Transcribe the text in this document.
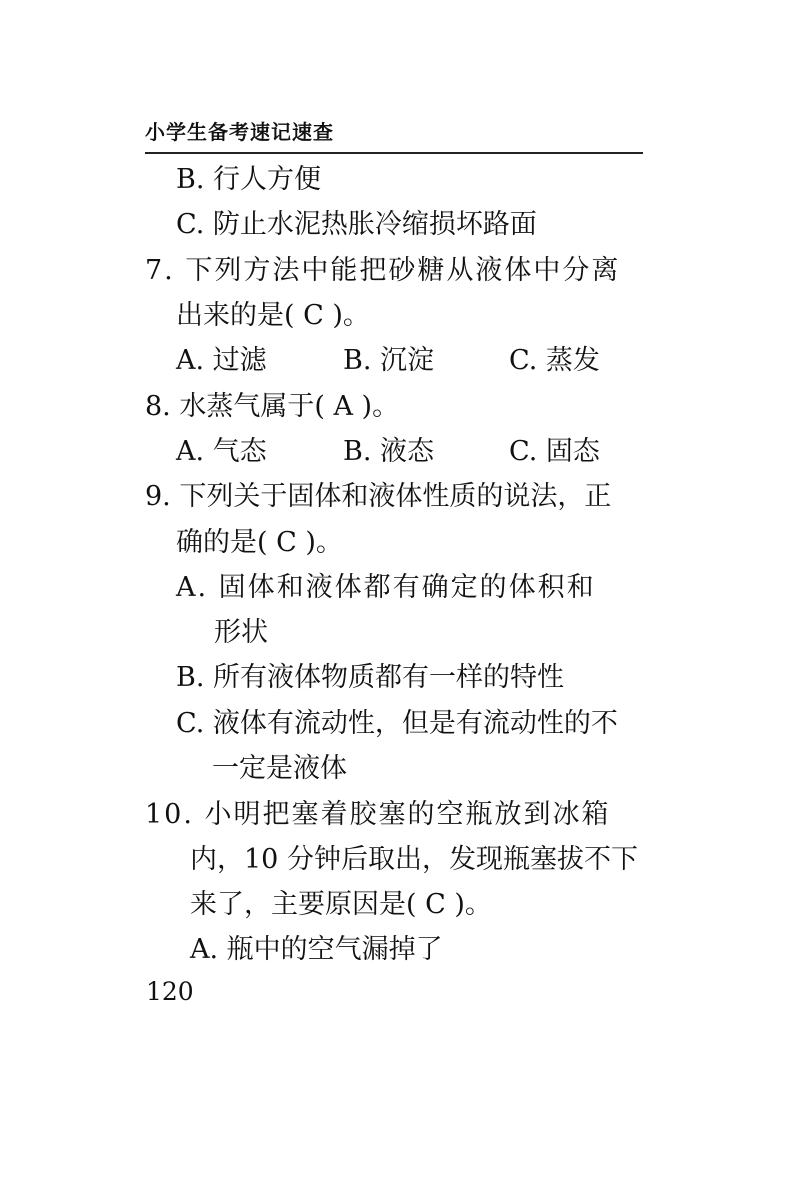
小学生备考速记速查
B. 行人方便
C. 防止水泥热胀冷缩损坏路面
7. 下列方法中能把砂糖从液体中分离
出来的是( C )。
A. 过滤	B. 沉淀	C. 蒸发
8. 水蒸气属于( A )。
A. 气态	B. 液态	C. 固态
9. 下列关于固体和液体性质的说法，正
确的是( C )。
A. 固体和液体都有确定的体积和
形状
B. 所有液体物质都有一样的特性
C. 液体有流动性，但是有流动性的不
一定是液体
10. 小明把塞着胶塞的空瓶放到冰箱
内，10 分钟后取出，发现瓶塞拔不下
来了，主要原因是( C )。
A. 瓶中的空气漏掉了
120
